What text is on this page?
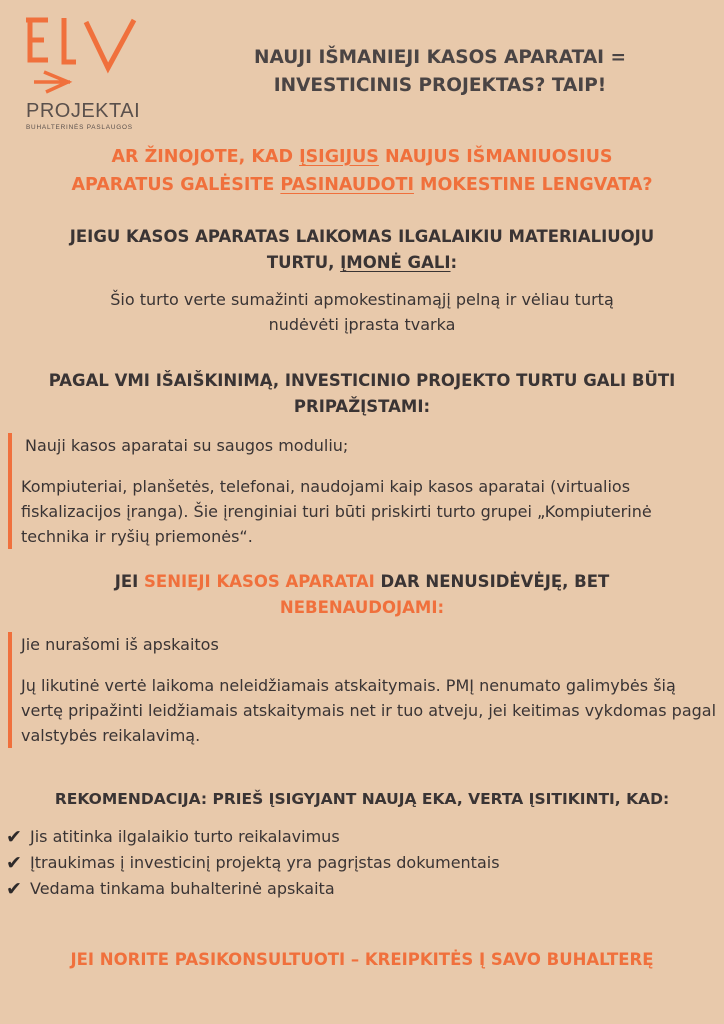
PROJEKTAI
BUHALTERINĖS PASLAUGOS
NAUJI IŠMANIEJI KASOS APARATAI =
INVESTICINIS PROJEKTAS? TAIP!
AR ŽINOJOTE, KAD ĮSIGIJUS NAUJUS IŠMANIUOSIUS
APARATUS GALĖSITE PASINAUDOTI MOKESTINE LENGVATA?
JEIGU KASOS APARATAS LAIKOMAS ILGALAIKIU MATERIALIUOJU
TURTU, ĮMONĖ GALI:
Šio turto verte sumažinti apmokestinamąjį pelną ir vėliau turtą
nudėvėti įprasta tvarka
PAGAL VMI IŠAIŠKINIMĄ, INVESTICINIO PROJEKTO TURTU GALI BŪTI
PRIPAŽĮSTAMI:

Nauji kasos aparatai su saugos moduliu;

Kompiuteriai, planšetės, telefonai, naudojami kaip kasos aparatai (virtualios fiskalizacijos įranga). Šie įrenginiai turi būti priskirti turto grupei „Kompiuterinė technika ir ryšių priemonės“.

JEI SENIEJI KASOS APARATAI DAR NENUSIDĖVĖJĘ, BET
NEBENAUDOJAMI:

Jie nurašomi iš apskaitos

Jų likutinė vertė laikoma neleidžiamais atskaitymais. PMĮ nenumato galimybės šią vertę pripažinti leidžiamais atskaitymais net ir tuo atveju, jei keitimas vykdomas pagal valstybės reikalavimą.

REKOMENDACIJA: PRIEŠ ĮSIGYJANT NAUJĄ EKA, VERTA ĮSITIKINTI, KAD:
✔ Jis atitinka ilgalaikio turto reikalavimus
✔ Įtraukimas į investicinį projektą yra pagrįstas dokumentais
✔ Vedama tinkama buhalterinė apskaita
JEI NORITE PASIKONSULTUOTI – KREIPKITĖS Į SAVO BUHALTERĘ
